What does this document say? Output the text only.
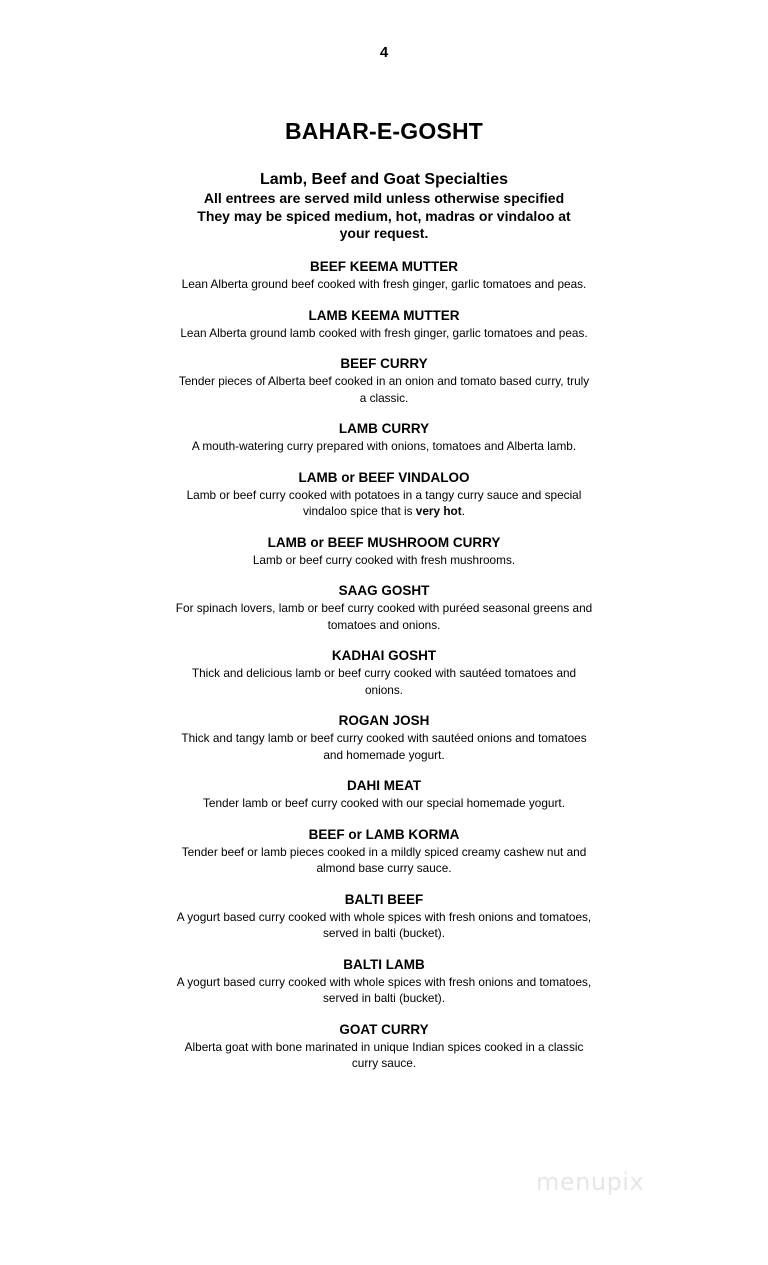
4
BAHAR-E-GOSHT
Lamb, Beef and Goat Specialties
All entrees are served mild unless otherwise specified
They may be spiced medium, hot, madras or vindaloo at your request.
BEEF KEEMA MUTTER
Lean Alberta ground beef cooked with fresh ginger, garlic tomatoes and peas.
LAMB KEEMA MUTTER
Lean Alberta ground lamb cooked with fresh ginger, garlic tomatoes and peas.
BEEF CURRY
Tender pieces of Alberta beef cooked in an onion and tomato based curry, truly a classic.
LAMB CURRY
A mouth-watering curry prepared with onions, tomatoes and Alberta lamb.
LAMB or BEEF VINDALOO
Lamb or beef curry cooked with potatoes in a tangy curry sauce and special vindaloo spice that is very hot.
LAMB or BEEF MUSHROOM CURRY
Lamb or beef curry cooked with fresh mushrooms.
SAAG GOSHT
For spinach lovers, lamb or beef curry cooked with puréed seasonal greens and tomatoes and onions.
KADHAI GOSHT
Thick and delicious lamb or beef curry cooked with sautéed tomatoes and onions.
ROGAN JOSH
Thick and tangy lamb or beef curry cooked with sautéed onions and tomatoes and homemade yogurt.
DAHI MEAT
Tender lamb or beef curry cooked with our special homemade yogurt.
BEEF or LAMB KORMA
Tender beef or lamb pieces cooked in a mildly spiced creamy cashew nut and almond base curry sauce.
BALTI BEEF
A yogurt based curry cooked with whole spices with fresh onions and tomatoes, served in balti (bucket).
BALTI LAMB
A yogurt based curry cooked with whole spices with fresh onions and tomatoes, served in balti (bucket).
GOAT CURRY
Alberta goat with bone marinated in unique Indian spices cooked in a classic curry sauce.
menupix
